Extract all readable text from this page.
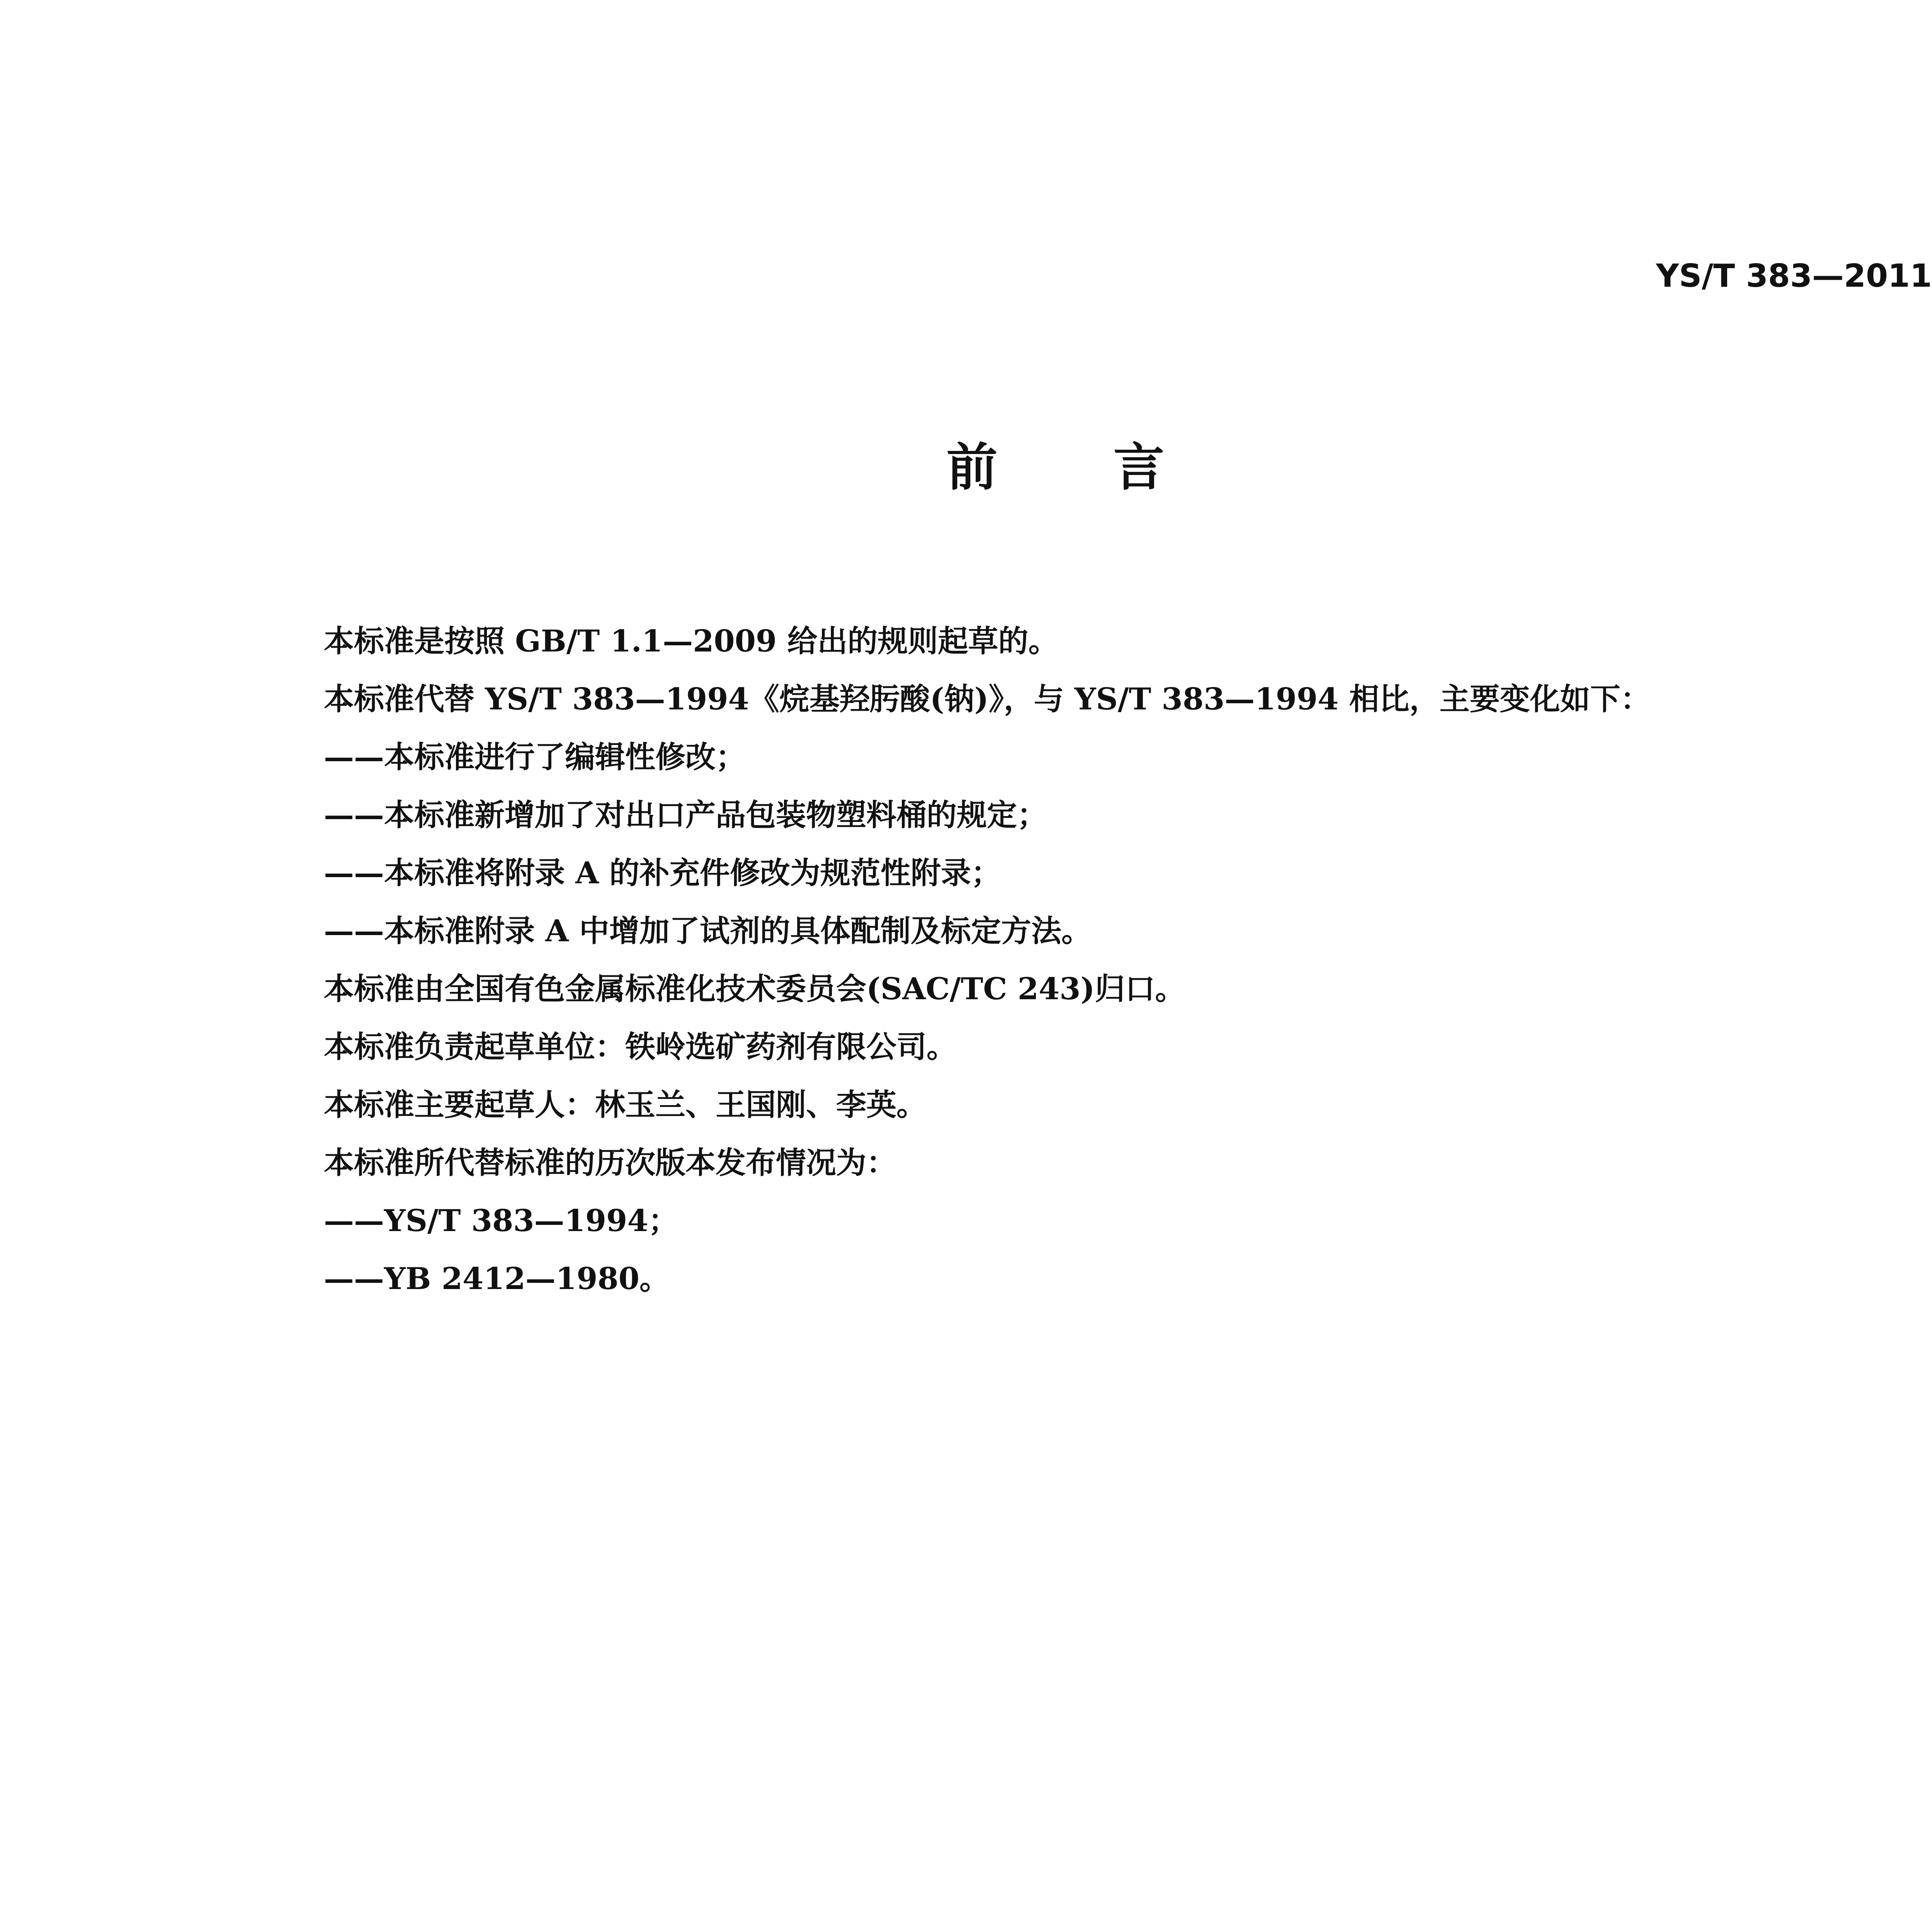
YS/T 383—2011
前言
本标准是按照 GB/T 1.1—2009 给出的规则起草的。
本标准代替 YS/T 383—1994《烷基羟肟酸(钠)》，与 YS/T 383—1994 相比，主要变化如下：
——本标准进行了编辑性修改；
——本标准新增加了对出口产品包装物塑料桶的规定；
——本标准将附录 A 的补充件修改为规范性附录；
——本标准附录 A 中增加了试剂的具体配制及标定方法。
本标准由全国有色金属标准化技术委员会(SAC/TC 243)归口。
本标准负责起草单位：铁岭选矿药剂有限公司。
本标准主要起草人：林玉兰、王国刚、李英。
本标准所代替标准的历次版本发布情况为：
——YS/T 383—1994；
——YB 2412—1980。
